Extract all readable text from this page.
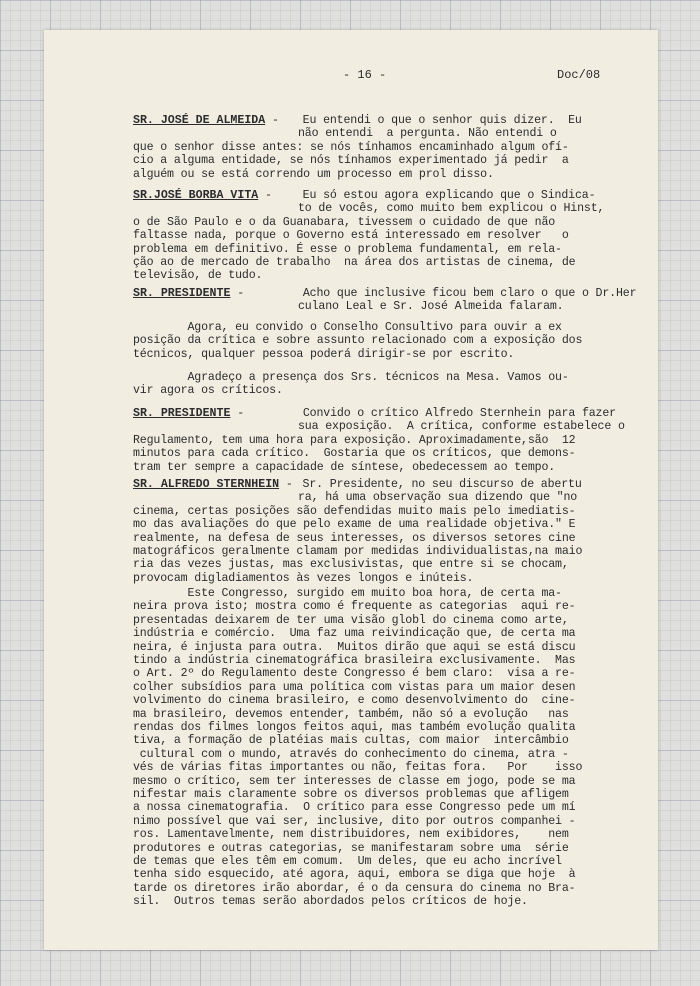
- 16 -	Doc/08
SR. JOSÉ DE ALMEIDA - Eu entendi o que o senhor quis dizer.  Eu
não entendi  a pergunta. Não entendi o
que o senhor disse antes: se nós tínhamos encaminhado algum ofí-
cio a alguma entidade, se nós tínhamos experimentado já pedir  a
alguém ou se está correndo um processo em prol disso.
SR.JOSÉ BORBA VITA - Eu só estou agora explicando que o Sindica-
to de vocês, como muito bem explicou o Hinst,
o de São Paulo e o da Guanabara, tivessem o cuidado de que não
faltasse nada, porque o Governo está interessado em resolver   o
problema em definitivo. É esse o problema fundamental, em rela-
ção ao de mercado de trabalho  na área dos artistas de cinema, de
televisão, de tudo.
SR. PRESIDENTE -	Acho que inclusive ficou bem claro o que o Dr.Her
culano Leal e Sr. José Almeida falaram.
Agora, eu convido o Conselho Consultivo para ouvir a ex
posição da crítica e sobre assunto relacionado com a exposição dos
técnicos, qualquer pessoa poderá dirigir-se por escrito.
Agradeço a presença dos Srs. técnicos na Mesa. Vamos ou-
vir agora os críticos.
SR. PRESIDENTE -	Convido o crítico Alfredo Sternhein para fazer
sua exposição.  A crítica, conforme estabelece o
Regulamento, tem uma hora para exposição. Aproximadamente,são  12
minutos para cada crítico.  Gostaria que os críticos, que demons-
tram ter sempre a capacidade de síntese, obedecessem ao tempo.
SR. ALFREDO STERNHEIN - Sr. Presidente, no seu discurso de abertu
ra, há uma observação sua dizendo que "no
cinema, certas posições são defendidas muito mais pelo imediatis-
mo das avaliações do que pelo exame de uma realidade objetiva." E
realmente, na defesa de seus interesses, os diversos setores cine
matográficos geralmente clamam por medidas individualistas,na maio
ria das vezes justas, mas exclusivistas, que entre si se chocam,
provocam digladiamentos às vezes longos e inúteis.
Este Congresso, surgido em muito boa hora, de certa ma-
neira prova isto; mostra como é frequente as categorias  aqui re-
presentadas deixarem de ter uma visão globl do cinema como arte,
indústria e comércio.  Uma faz uma reivindicação que, de certa ma
neira, é injusta para outra.  Muitos dirão que aqui se está discu
tindo a indústria cinematográfica brasileira exclusivamente.  Mas
o Art. 2º do Regulamento deste Congresso é bem claro:  visa a re-
colher subsídios para uma política com vistas para um maior desen
volvimento do cinema brasileiro, e como desenvolvimento do  cine-
ma brasileiro, devemos entender, também, não só a evolução   nas
rendas dos filmes longos feitos aqui, mas também evolução qualita
tiva, a formação de platéias mais cultas, com maior  intercâmbio
cultural com o mundo, através do conhecimento do cinema, atra -
vés de várias fitas importantes ou não, feitas fora.   Por    isso
mesmo o crítico, sem ter interesses de classe em jogo, pode se ma
nifestar mais claramente sobre os diversos problemas que afligem
a nossa cinematografia.  O crítico para esse Congresso pede um mí
nimo possível que vai ser, inclusive, dito por outros companhei -
ros. Lamentavelmente, nem distribuidores, nem exibidores,    nem
produtores e outras categorias, se manifestaram sobre uma  série
de temas que eles têm em comum.  Um deles, que eu acho incrível
tenha sido esquecido, até agora, aqui, embora se diga que hoje  à
tarde os diretores irão abordar, é o da censura do cinema no Bra-
sil.  Outros temas serão abordados pelos críticos de hoje.
